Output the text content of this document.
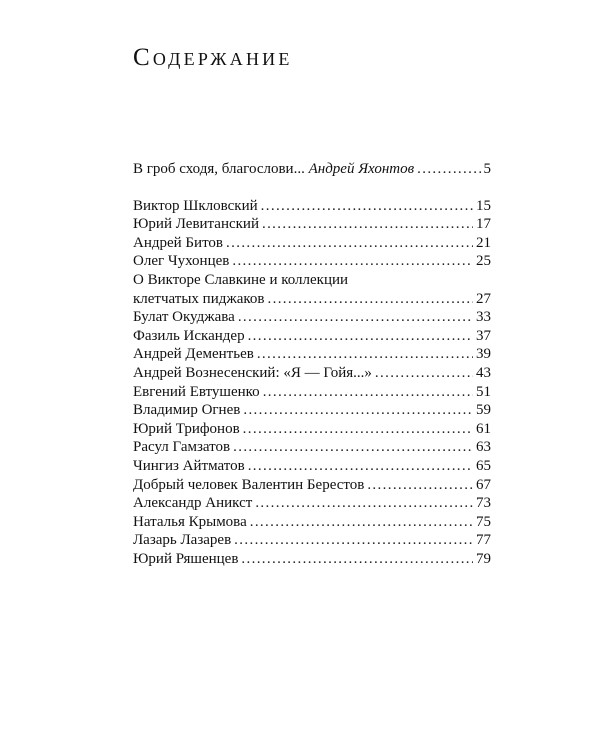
Содержание
В гроб сходя, благослови... Андрей Яхонтов . . .	5
Виктор Шкловский . . .	15
Юрий Левитанский . . .	17
Андрей Битов . . .	21
Олег Чухонцев . . .	25
О Викторе Славкине и коллекции
клетчатых пиджаков . . .	27
Булат Окуджава . . .	33
Фазиль Искандер . . .	37
Андрей Дементьев . . .	39
Андрей Вознесенский: «Я — Гойя...» . . .	43
Евгений Евтушенко . . .	51
Владимир Огнев . . .	59
Юрий Трифонов . . .	61
Расул Гамзатов . . .	63
Чингиз Айтматов . . .	65
Добрый человек Валентин Берестов . . .	67
Александр Аникст . . .	73
Наталья Крымова . . .	75
Лазарь Лазарев . . .	77
Юрий Ряшенцев . . .	79
